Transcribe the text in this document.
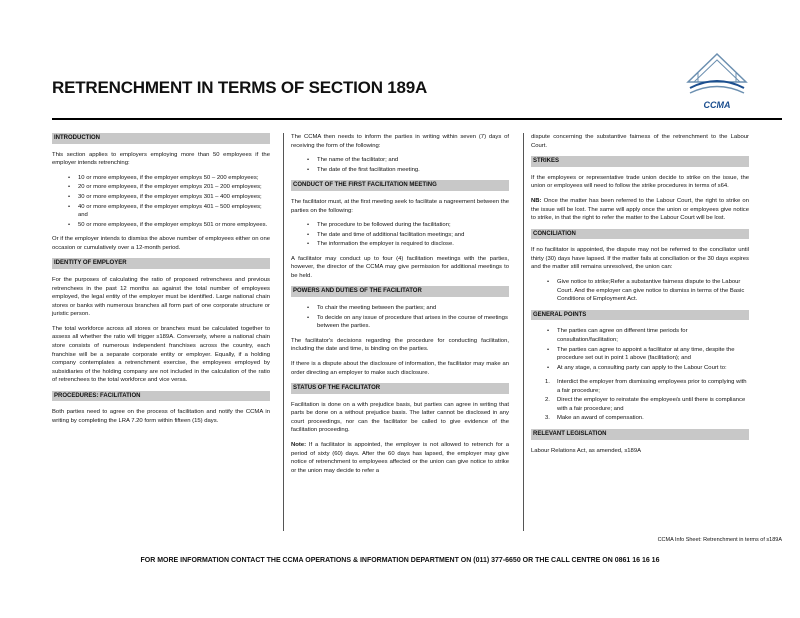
RETRENCHMENT IN TERMS OF SECTION 189A
CCMA
INTRODUCTION
This section applies to employers employing more than 50 employees if the employer intends retrenching:
• 10 or more employees, if the employer employs 50 – 200 employees;
• 20 or more employees, if the employer employs 201 – 200 employees;
• 30 or more employees, if the employer employs 301 – 400 employees;
• 40 or more employees, if the employer employs 401 – 500 employees; and
• 50 or more employees, if the employer employs 501 or more employees.
Or if the employer intends to dismiss the above number of employees either on one occasion or cumulatively over a 12-month period.
IDENTITY OF EMPLOYER
For the purposes of calculating the ratio of proposed retrenchees and previous retrenchees in the past 12 months as against the total number of employees employed, the legal entity of the employer must be identified. Large national chain stores or banks with numerous branches all form part of one corporate structure or juristic person.
The total workforce across all stores or branches must be calculated together to assess all whether the ratio will trigger s189A. Conversely, where a national chain store consists of numerous independent franchises across the country, each franchise will be a separate corporate entity or employer. Equally, if a holding company contemplates a retrenchment exercise, the employees employed by subsidiaries of the holding company are not included in the calculation of the ratio of retrenchees to the total workforce and vice versa.
PROCEDURES: FACILITATION
Both parties need to agree on the process of facilitation and notify the CCMA in writing by completing the LRA 7.20 form within fifteen (15) days.
The CCMA then needs to inform the parties in writing within seven (7) days of receiving the form of the following:
• The name of the facilitator; and
• The date of the first facilitation meeting.
CONDUCT OF THE FIRST FACILITATION MEETING
The facilitator must, at the first meeting seek to facilitate a nagreement between the parties on the following:
• The procedure to be followed during the facilitation;
• The date and time of additional facilitation meetings; and
• The information the employer is required to disclose.
A facilitator may conduct up to four (4) facilitation meetings with the parties, however, the director of the CCMA may give permission for additional meetings to be held.
POWERS AND DUTIES OF THE FACILITATOR
• To chair the meeting between the parties; and
• To decide on any issue of procedure that arises in the course of meetings between the parties.
The facilitator's decisions regarding the procedure for conducting facilitation, including the date and time, is binding on the parties.
If there is a dispute about the disclosure of information, the facilitator may make an order directing an employer to make such disclosure.
STATUS OF THE FACILITATOR
Facilitation is done on a with prejudice basis, but parties can agree in writing that parts be done on a without prejudice basis. The latter cannot be disclosed in any court proceedings, nor can the facilitator be called to give evidence of the facilitation proceeding.
Note: If a facilitator is appointed, the employer is not allowed to retrench for a period of sixty (60) days. After the 60 days has lapsed, the employer may give notice of retrenchment to employees affected or the union can give notice to strike or the union may decide to refer a
dispute concerning the substantive fairness of the retrenchment to the Labour Court.
STRIKES
If the employees or representative trade union decide to strike on the issue, the union or employees will need to follow the strike procedures in terms of s64.
NB: Once the matter has been referred to the Labour Court, the right to strike on the issue will be lost. The same will apply once the union or employees give notice to strike, in that the right to refer the matter to the Labour Court will be lost.
CONCILIATION
If no facilitator is appointed, the dispute may not be referred to the conciliator until thirty (30) days have lapsed. If the matter fails at conciliation or the 30 days expires and the matter still remains unresolved, the union can:
• Give notice to strike;Refer a substantive fairness dispute to the Labour Court. And the employer can give notice to dismiss in terms of the Basic Conditions of Employment Act.
GENERAL POINTS
• The parties can agree on different time periods for consultation/facilitation;
• The parties can agree to appoint a facilitator at any time, despite the procedure set out in point 1 above (facilitation); and
• At any stage, a consulting party can apply to the Labour Court to:
1. Interdict the employer from dismissing employees prior to complying with a fair procedure;
2. Direct the employer to reinstate the employee/s until there is compliance with a fair procedure; and
3. Make an award of compensation.
RELEVANT LEGISLATION
Labour Relations Act, as amended, s189A
CCMA Info Sheet: Retrenchment in terms of s189A
FOR MORE INFORMATION CONTACT THE CCMA OPERATIONS & INFORMATION DEPARTMENT ON (011) 377-6650 OR THE CALL CENTRE ON 0861 16 16 16
